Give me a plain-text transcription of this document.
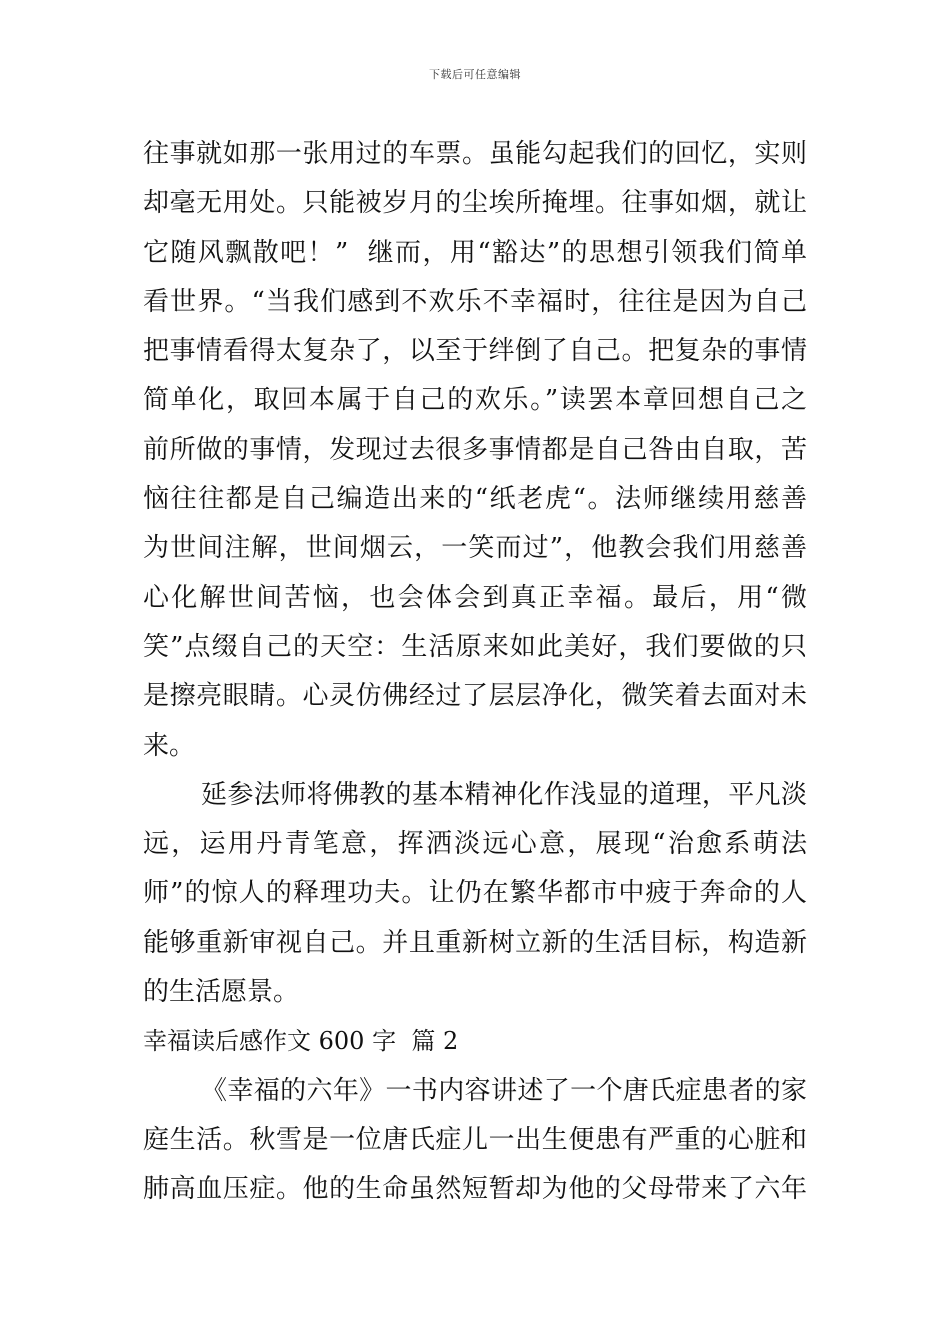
下载后可任意编辑
往事就如那一张用过的车票。虽能勾起我们的回忆，实则
却毫无用处。只能被岁月的尘埃所掩埋。往事如烟，就让
它随风飘散吧！”  继而，用“豁达”的思想引领我们简单
看世界。“当我们感到不欢乐不幸福时，往往是因为自己
把事情看得太复杂了，以至于绊倒了自己。把复杂的事情
简单化，取回本属于自己的欢乐。”读罢本章回想自己之
前所做的事情，发现过去很多事情都是自己咎由自取，苦
恼往往都是自己编造出来的“纸老虎“。法师继续用慈善
为世间注解，世间烟云，一笑而过”，他教会我们用慈善
心化解世间苦恼，也会体会到真正幸福。最后，用“微
笑”点缀自己的天空：生活原来如此美好，我们要做的只
是擦亮眼睛。心灵仿佛经过了层层净化，微笑着去面对未
来。
延参法师将佛教的基本精神化作浅显的道理，平凡淡
远，运用丹青笔意，挥洒淡远心意，展现“治愈系萌法
师”的惊人的释理功夫。让仍在繁华都市中疲于奔命的人
能够重新审视自己。并且重新树立新的生活目标，构造新
的生活愿景。
幸福读后感作文 600 字  篇 2
《幸福的六年》一书内容讲述了一个唐氏症患者的家
庭生活。秋雪是一位唐氏症儿一出生便患有严重的心脏和
肺高血压症。他的生命虽然短暂却为他的父母带来了六年
